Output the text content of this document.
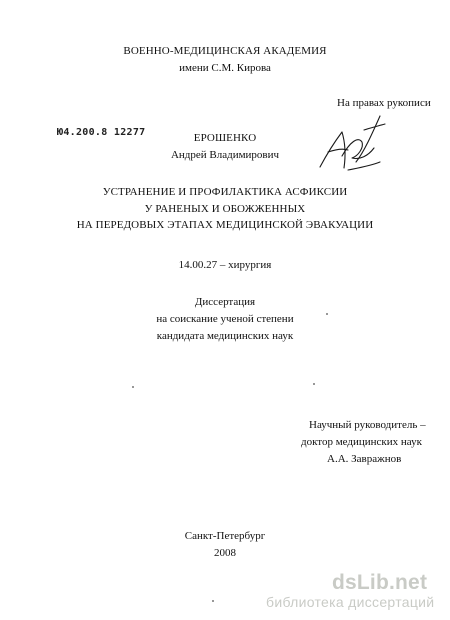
ВОЕННО-МЕДИЦИНСКАЯ АКАДЕМИЯ
имени С.М. Кирова
На правах рукописи
Ю4.200.8 12277	ЕРОШЕНКО
Андрей Владимирович
УСТРАНЕНИЕ И ПРОФИЛАКТИКА АСФИКСИИ
У РАНЕНЫХ И ОБОЖЖЕННЫХ
НА ПЕРЕДОВЫХ ЭТАПАХ МЕДИЦИНСКОЙ ЭВАКУАЦИИ
14.00.27 – хирургия
Диссертация
на соискание ученой степени
кандидата медицинских наук
Научный руководитель –
доктор медицинских наук
А.А. Завражнов
Санкт-Петербург
2008
dsLib.net
библиотека диссертаций
